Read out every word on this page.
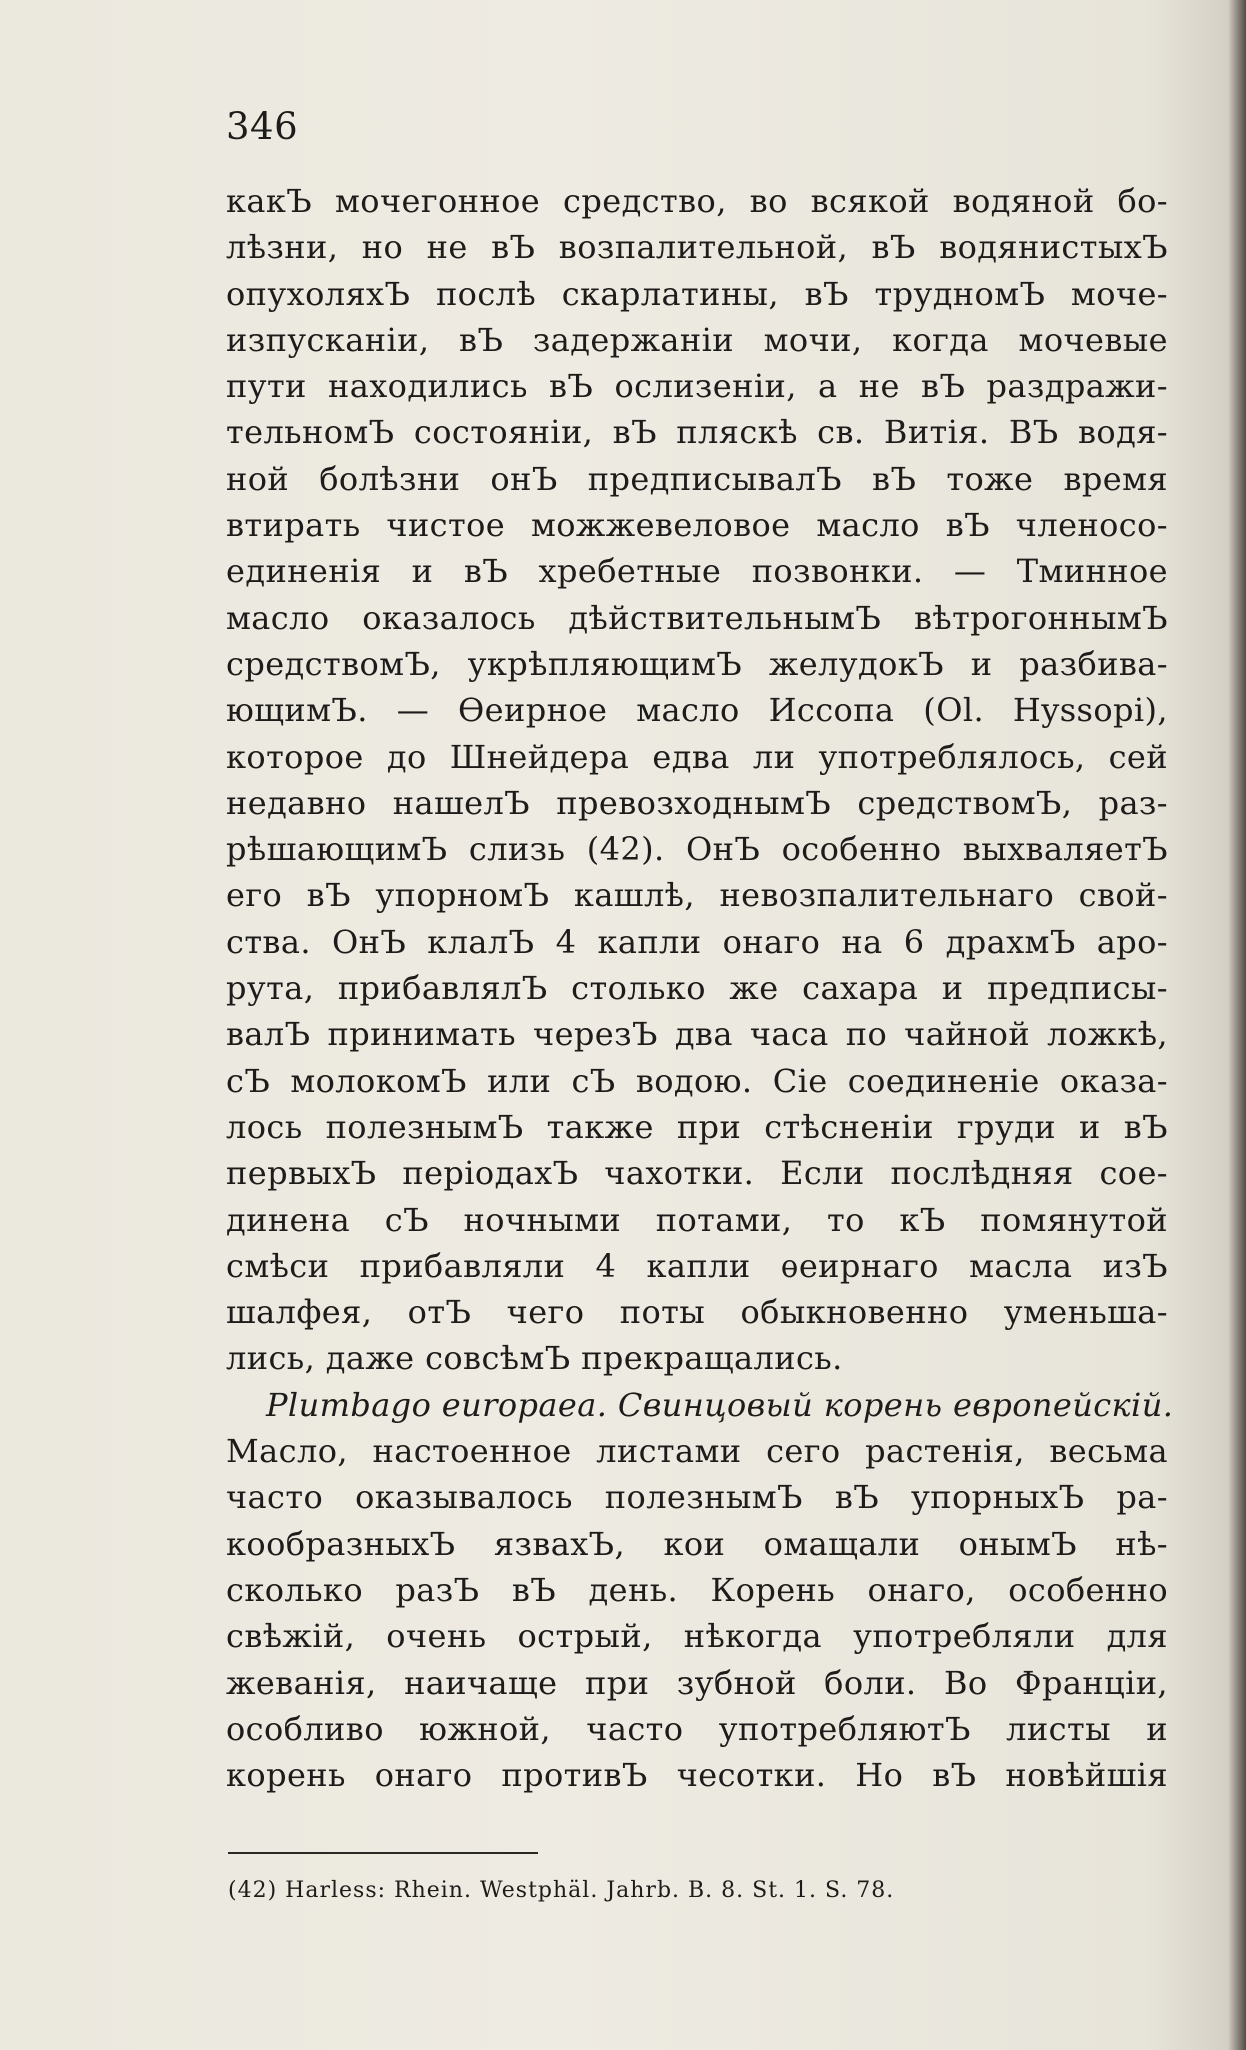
346
какЪ мочегонное средство, во всякой водяной бо-
лѣзни, но не вЪ возпалительной, вЪ водянистыхЪ
опухоляхЪ послѣ скарлатины, вЪ трудномЪ моче-
изпусканіи, вЪ задержаніи мочи, когда мочевые
пути находились вЪ ослизеніи, а не вЪ раздражи-
тельномЪ состояніи, вЪ пляскѣ св. Витія. ВЪ водя-
ной болѣзни онЪ предписывалЪ вЪ тоже время
втирать чистое можжевеловое масло вЪ членосо-
единенія и вЪ хребетные позвонки. — Тминное
масло оказалось дѣйствительнымЪ вѣтрогоннымЪ
средствомЪ, укрѣпляющимЪ желудокЪ и разбива-
ющимЪ. — Ѳеирное масло Иссопа (Ol. Hyssopi),
которое до Шнейдера едва ли употреблялось, сей
недавно нашелЪ превозходнымЪ средствомЪ, раз-
рѣшающимЪ слизь (42). ОнЪ особенно выхваляетЪ
его вЪ упорномЪ кашлѣ, невозпалительнаго свой-
ства. ОнЪ клалЪ 4 капли онаго на 6 драхмЪ аро-
рута, прибавлялЪ столько же сахара и предписы-
валЪ принимать черезЪ два часа по чайной ложкѣ,
сЪ молокомЪ или сЪ водою. Сіе соединеніе оказа-
лось полезнымЪ также при стѣсненіи груди и вЪ
первыхЪ періодахЪ чахотки. Если послѣдняя сое-
динена сЪ ночными потами, то кЪ помянутой
смѣси прибавляли 4 капли ѳеирнаго масла изЪ
шалфея, отЪ чего поты обыкновенно уменьша-
лись, даже совсѣмЪ прекращались.
Plumbago europaea. Свинцовый корень европейскій.
Масло, настоенное листами сего растенія, весьма
часто оказывалось полезнымЪ вЪ упорныхЪ ра-
кообразныхЪ язвахЪ, кои омащали онымЪ нѣ-
сколько разЪ вЪ день. Корень онаго, особенно
свѣжій, очень острый, нѣкогда употребляли для
жеванія, наичаще при зубной боли. Во Франціи,
особливо южной, часто употребляютЪ листы и
корень онаго противЪ чесотки. Но вЪ новѣйшія
(42) Harless: Rhein. Westphäl. Jahrb. B. 8. St. 1. S. 78.
